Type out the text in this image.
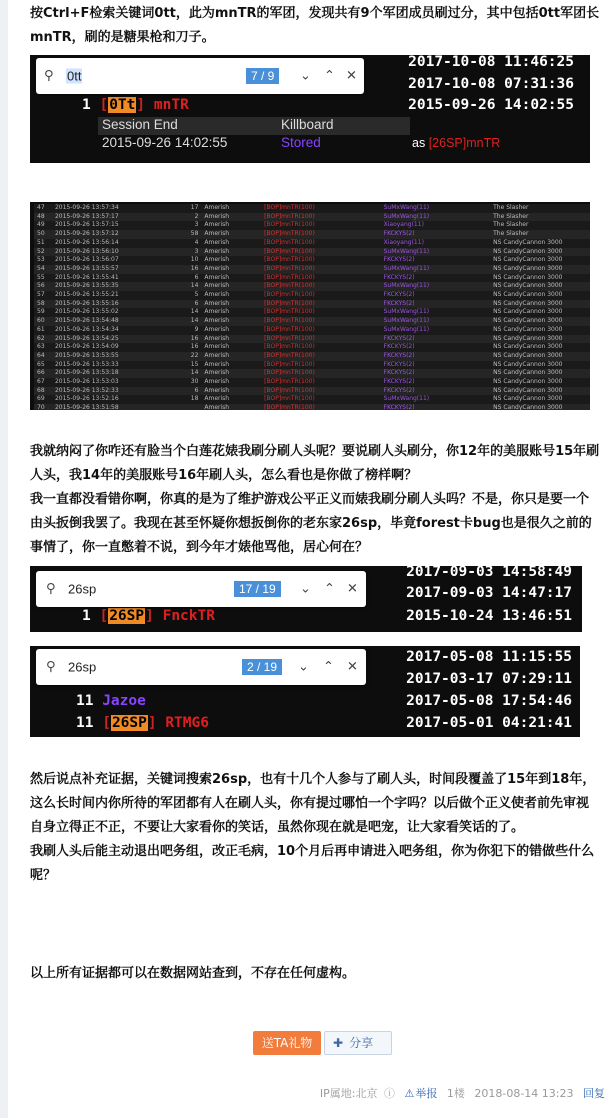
按Ctrl+F检索关键词0tt，此为mnTR的军团，发现共有9个军团成员刷过分，其中包括0tt军团长mnTR，刷的是糖果枪和刀子。

2017-10-08 11:46:25
2017-10-08 07:31:36
2015-09-26 14:02:55
1 [0Tt] mnTR
Session End	Killboard
2015-09-26 14:02:55	Stored	as [26SP]mnTR
⚲ 0tt	7 / 9	⌄ ⌃ ✕
47	2015-09-26 13:57:34	17	Amerish	[BOP]mnTR(100)	SuMxWang(11)	The Slasher
48	2015-09-26 13:57:17	2	Amerish	[BOP]mnTR(100)	SuMxWang(11)	The Slasher
49	2015-09-26 13:57:15	3	Amerish	[BOP]mnTR(100)	Xiaoyang(11)	The Slasher
50	2015-09-26 13:57:12	58	Amerish	[BOP]mnTR(100)	FKCKYS(2)	The Slasher
51	2015-09-26 13:56:14	4	Amerish	[BOP]mnTR(100)	Xiaoyang(11)	NS CandyCannon 3000
52	2015-09-26 13:56:10	3	Amerish	[BOP]mnTR(100)	SuMxWang(11)	NS CandyCannon 3000
53	2015-09-26 13:56:07	10	Amerish	[BOP]mnTR(100)	FKCKYS(2)	NS CandyCannon 3000
54	2015-09-26 13:55:57	16	Amerish	[BOP]mnTR(100)	SuMxWang(11)	NS CandyCannon 3000
55	2015-09-26 13:55:41	6	Amerish	[BOP]mnTR(100)	FKCKYS(2)	NS CandyCannon 3000
56	2015-09-26 13:55:35	14	Amerish	[BOP]mnTR(100)	SuMxWang(11)	NS CandyCannon 3000
57	2015-09-26 13:55:21	5	Amerish	[BOP]mnTR(100)	FKCKYS(2)	NS CandyCannon 3000
58	2015-09-26 13:55:16	6	Amerish	[BOP]mnTR(100)	FKCKYS(2)	NS CandyCannon 3000
59	2015-09-26 13:55:02	14	Amerish	[BOP]mnTR(100)	SuMxWang(11)	NS CandyCannon 3000
60	2015-09-26 13:54:48	14	Amerish	[BOP]mnTR(100)	SuMxWang(11)	NS CandyCannon 3000
61	2015-09-26 13:54:34	9	Amerish	[BOP]mnTR(100)	SuMxWang(11)	NS CandyCannon 3000
62	2015-09-26 13:54:25	16	Amerish	[BOP]mnTR(100)	FKCKYS(2)	NS CandyCannon 3000
63	2015-09-26 13:54:09	16	Amerish	[BOP]mnTR(100)	FKCKYS(2)	NS CandyCannon 3000
64	2015-09-26 13:53:55	22	Amerish	[BOP]mnTR(100)	FKCKYS(2)	NS CandyCannon 3000
65	2015-09-26 13:53:33	15	Amerish	[BOP]mnTR(100)	FKCKYS(2)	NS CandyCannon 3000
66	2015-09-26 13:53:18	14	Amerish	[BOP]mnTR(100)	FKCKYS(2)	NS CandyCannon 3000
67	2015-09-26 13:53:03	30	Amerish	[BOP]mnTR(100)	FKCKYS(2)	NS CandyCannon 3000
68	2015-09-26 13:52:33	6	Amerish	[BOP]mnTR(100)	FKCKYS(2)	NS CandyCannon 3000
69	2015-09-26 13:52:16	18	Amerish	[BOP]mnTR(100)	SuMxWang(11)	NS CandyCannon 3000
70	2015-09-26 13:51:58		Amerish	[BOP]mnTR(100)	FKCKYS(2)	NS CandyCannon 3000

我就纳闷了你咋还有脸当个白莲花婊我刷分刷人头呢？要说刷人头刷分，你12年的美服账号15年刷人头，我14年的美服账号16年刷人头，怎么看也是你做了榜样啊？

我一直都没看错你啊，你真的是为了维护游戏公平正义而婊我刷分刷人头吗？不是，你只是要一个由头扳倒我罢了。我现在甚至怀疑你想扳倒你的老东家26sp，毕竟forest卡bug也是很久之前的事情了，你一直憋着不说，到今年才婊他骂他，居心何在？

2017-09-03 14:58:49
2017-09-03 14:47:17
2015-10-24 13:46:51
1 [26SP] FnckTR
⚲ 26sp	17 / 19	⌄ ⌃ ✕
2017-05-08 11:15:55
2017-03-17 07:29:11
2017-05-08 17:54:46
2017-05-01 04:21:41
11 Jazoe
11 [26SP] RTMG6
⚲ 26sp	2 / 19	⌄ ⌃ ✕

然后说点补充证据，关键词搜索26sp，也有十几个人参与了刷人头，时间段覆盖了15年到18年，这么长时间内你所待的军团都有人在刷人头，你有提过哪怕一个字吗？以后做个正义使者前先审视自身立得正不正，不要让大家看你的笑话，虽然你现在就是吧宠，让大家看笑话的了。

我刷人头后能主动退出吧务组，改正毛病，10个月后再申请进入吧务组，你为你犯下的错做些什么呢？

以上所有证据都可以在数据网站查到，不存在任何虚构。

送TA礼物	✚ 分享
IP属地:北京 ⓘ ⚠举报 1楼 2018-08-14 13:23 回复
